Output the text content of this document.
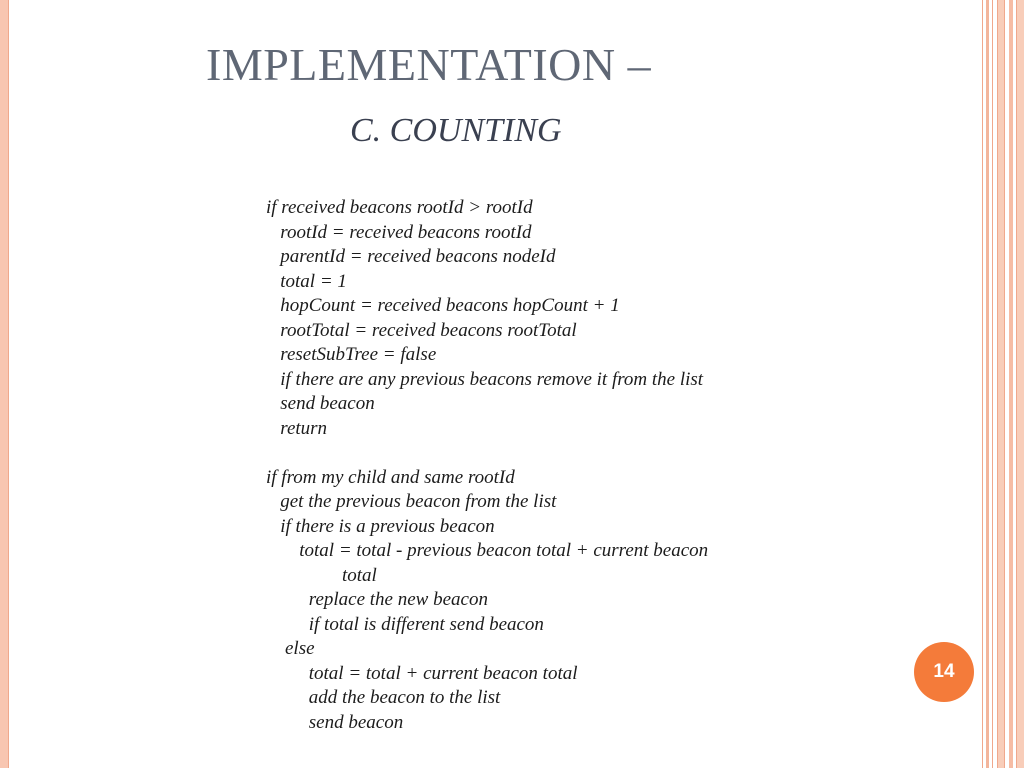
IMPLEMENTATION –
C. COUNTING
if received beacons rootId > rootId
rootId = received beacons rootId
parentId = received beacons nodeId
total = 1
hopCount = received beacons hopCount + 1
rootTotal = received beacons rootTotal
resetSubTree = false
if there are any previous beacons remove it from the list
send beacon
return
if from my child and same rootId
get the previous beacon from the list
if there is a previous beacon
total = total - previous beacon total + current beacon
total
replace the new beacon
if total is different send beacon
else
total = total + current beacon total
add the beacon to the list
send beacon
14
